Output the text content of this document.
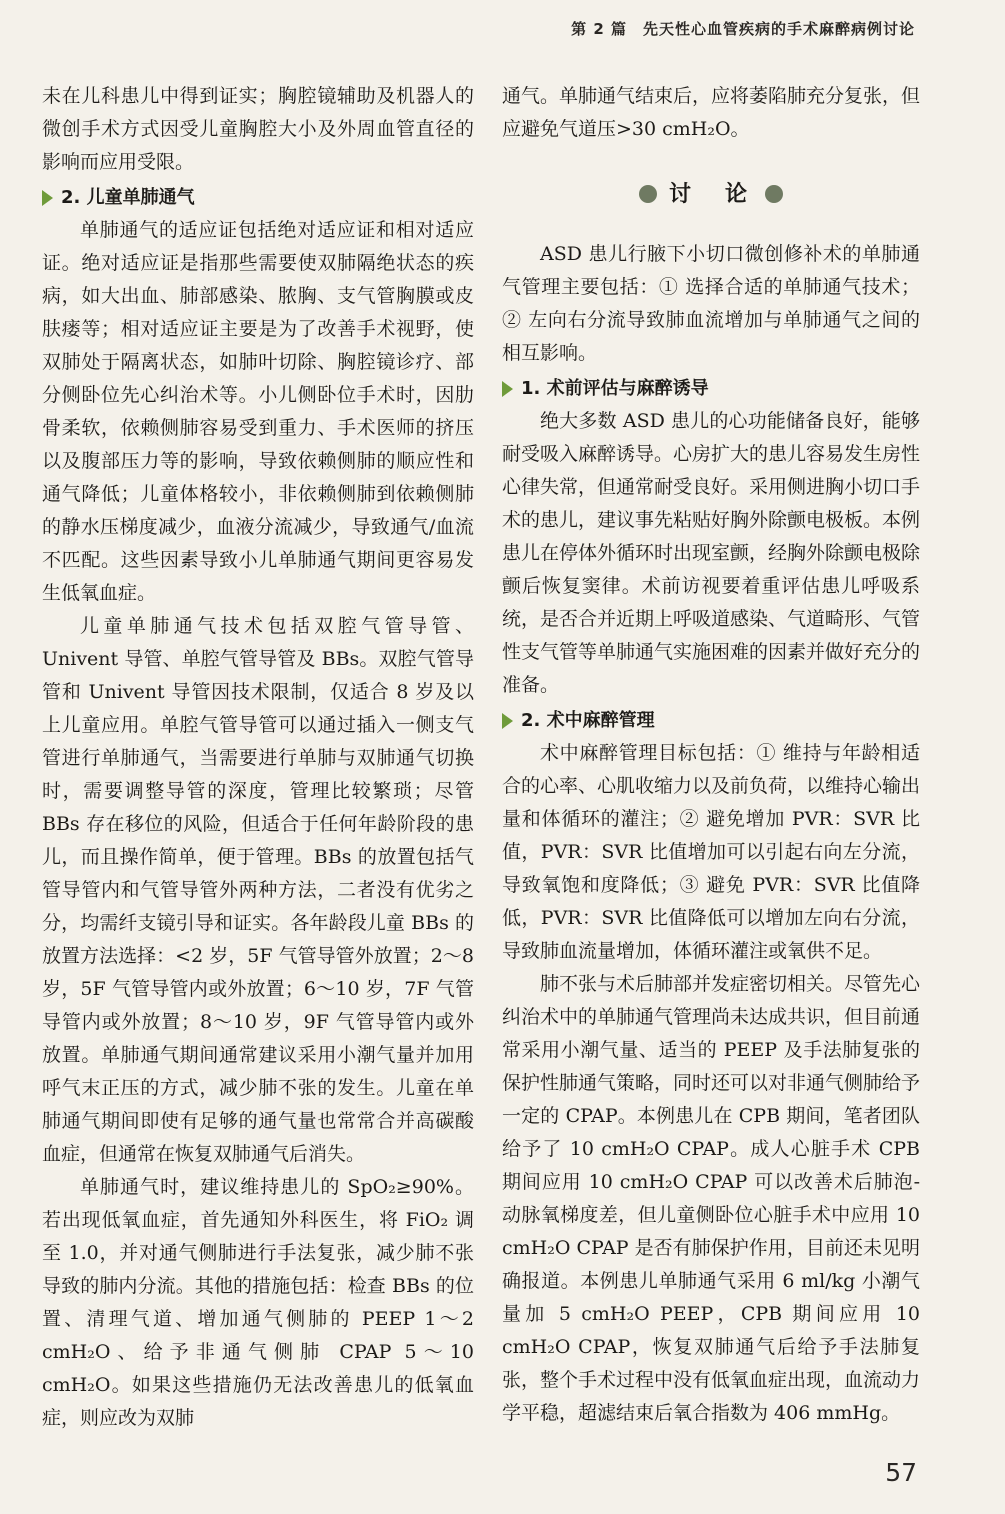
第 2 篇　先天性心血管疾病的手术麻醉病例讨论

未在儿科患儿中得到证实；胸腔镜辅助及机器人的微创手术方式因受儿童胸腔大小及外周血管直径的影响而应用受限。

2. 儿童单肺通气

单肺通气的适应证包括绝对适应证和相对适应证。绝对适应证是指那些需要使双肺隔绝状态的疾病，如大出血、肺部感染、脓胸、支气管胸膜或皮肤瘘等；相对适应证主要是为了改善手术视野，使双肺处于隔离状态，如肺叶切除、胸腔镜诊疗、部分侧卧位先心纠治术等。小儿侧卧位手术时，因肋骨柔软，依赖侧肺容易受到重力、手术医师的挤压以及腹部压力等的影响，导致依赖侧肺的顺应性和通气降低；儿童体格较小，非依赖侧肺到依赖侧肺的静水压梯度减少，血液分流减少，导致通气/血流不匹配。这些因素导致小儿单肺通气期间更容易发生低氧血症。

儿童单肺通气技术包括双腔气管导管、Univent 导管、单腔气管导管及 BBs。双腔气管导管和 Univent 导管因技术限制，仅适合 8 岁及以上儿童应用。单腔气管导管可以通过插入一侧支气管进行单肺通气，当需要进行单肺与双肺通气切换时，需要调整导管的深度，管理比较繁琐；尽管 BBs 存在移位的风险，但适合于任何年龄阶段的患儿，而且操作简单，便于管理。BBs 的放置包括气管导管内和气管导管外两种方法，二者没有优劣之分，均需纤支镜引导和证实。各年龄段儿童 BBs 的放置方法选择：<2 岁，5F 气管导管外放置；2～8 岁，5F 气管导管内或外放置；6～10 岁，7F 气管导管内或外放置；8～10 岁，9F 气管导管内或外放置。单肺通气期间通常建议采用小潮气量并加用呼气末正压的方式，减少肺不张的发生。儿童在单肺通气期间即使有足够的通气量也常常合并高碳酸血症，但通常在恢复双肺通气后消失。

单肺通气时，建议维持患儿的 SpO₂≥90%。若出现低氧血症，首先通知外科医生，将 FiO₂ 调至 1.0，并对通气侧肺进行手法复张，减少肺不张导致的肺内分流。其他的措施包括：检查 BBs 的位置、清理气道、增加通气侧肺的 PEEP 1～2 cmH₂O、给予非通气侧肺 CPAP 5～10 cmH₂O。如果这些措施仍无法改善患儿的低氧血症，则应改为双肺

通气。单肺通气结束后，应将萎陷肺充分复张，但应避免气道压>30 cmH₂O。

讨　论

ASD 患儿行腋下小切口微创修补术的单肺通气管理主要包括：① 选择合适的单肺通气技术；② 左向右分流导致肺血流增加与单肺通气之间的相互影响。

1. 术前评估与麻醉诱导

绝大多数 ASD 患儿的心功能储备良好，能够耐受吸入麻醉诱导。心房扩大的患儿容易发生房性心律失常，但通常耐受良好。采用侧进胸小切口手术的患儿，建议事先粘贴好胸外除颤电极板。本例患儿在停体外循环时出现室颤，经胸外除颤电极除颤后恢复窦律。术前访视要着重评估患儿呼吸系统，是否合并近期上呼吸道感染、气道畸形、气管性支气管等单肺通气实施困难的因素并做好充分的准备。

2. 术中麻醉管理

术中麻醉管理目标包括：① 维持与年龄相适合的心率、心肌收缩力以及前负荷，以维持心输出量和体循环的灌注；② 避免增加 PVR：SVR 比值，PVR：SVR 比值增加可以引起右向左分流，导致氧饱和度降低；③ 避免 PVR：SVR 比值降低，PVR：SVR 比值降低可以增加左向右分流，导致肺血流量增加，体循环灌注或氧供不足。

肺不张与术后肺部并发症密切相关。尽管先心纠治术中的单肺通气管理尚未达成共识，但目前通常采用小潮气量、适当的 PEEP 及手法肺复张的保护性肺通气策略，同时还可以对非通气侧肺给予一定的 CPAP。本例患儿在 CPB 期间，笔者团队给予了 10 cmH₂O CPAP。成人心脏手术 CPB 期间应用 10 cmH₂O CPAP 可以改善术后肺泡-动脉氧梯度差，但儿童侧卧位心脏手术中应用 10 cmH₂O CPAP 是否有肺保护作用，目前还未见明确报道。本例患儿单肺通气采用 6 ml/kg 小潮气量加 5 cmH₂O PEEP，CPB 期间应用 10 cmH₂O CPAP，恢复双肺通气后给予手法肺复张，整个手术过程中没有低氧血症出现，血流动力学平稳，超滤结束后氧合指数为 406 mmHg。

57
